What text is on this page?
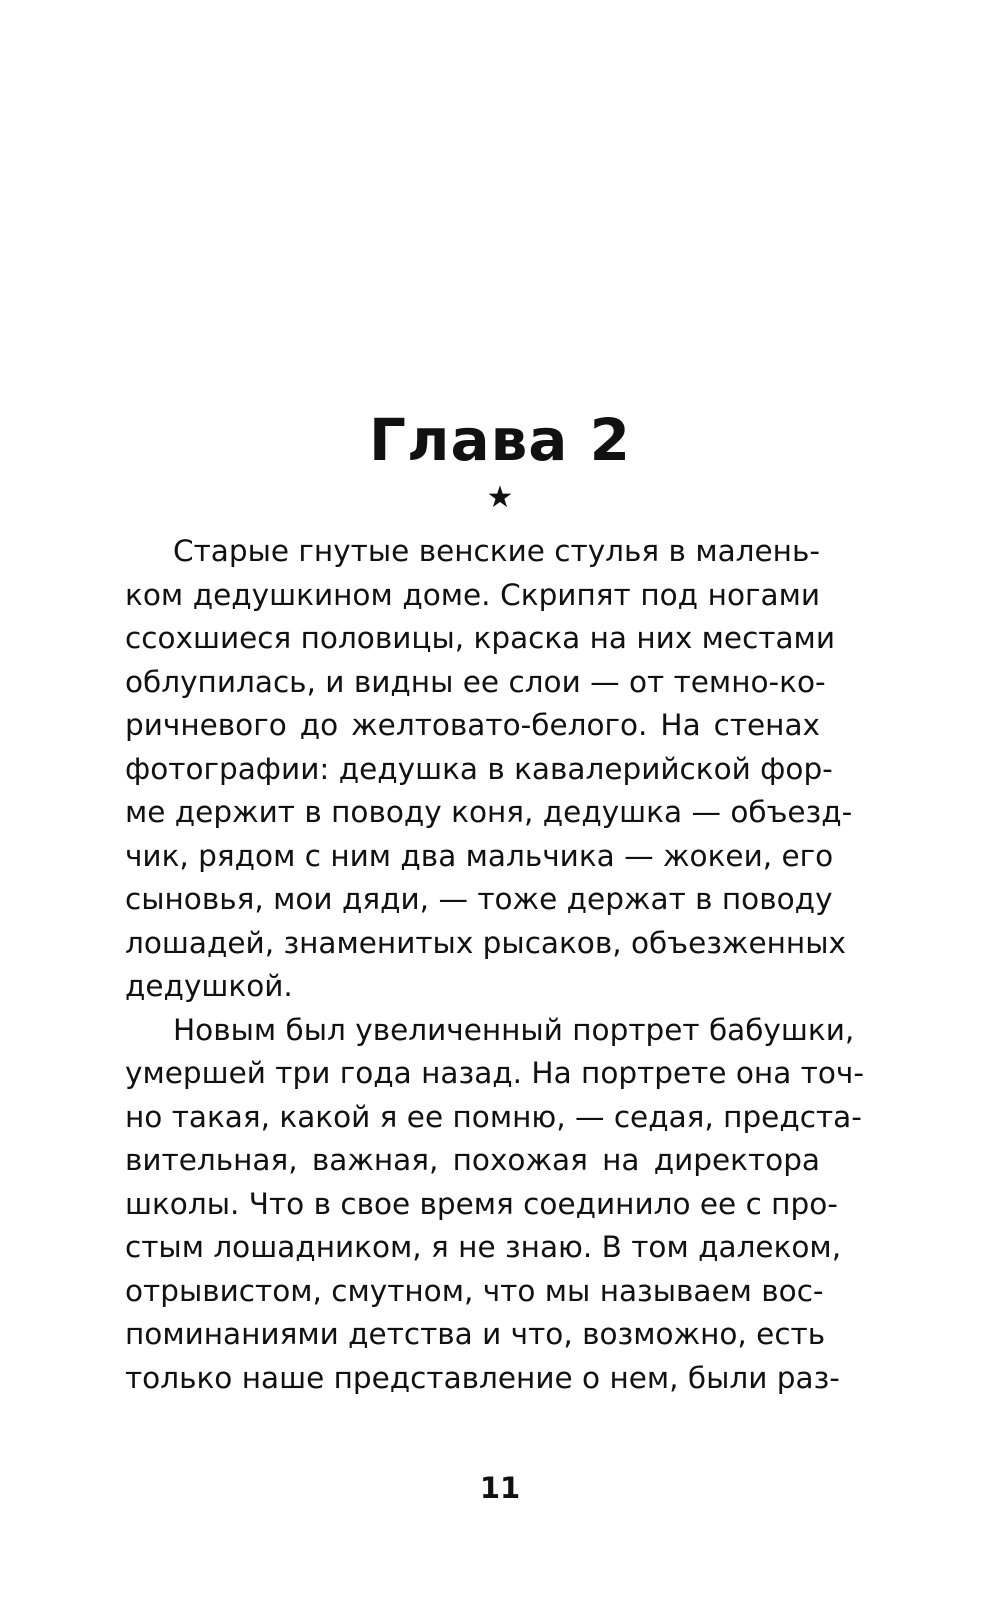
Глава 2
★
Старые гнутые венские стулья в малень-
ком дедушкином доме. Скрипят под ногами
ссохшиеся половицы, краска на них местами
облупилась, и видны ее слои — от темно-ко-
ричневого до желтовато-белого. На стенах
фотографии: дедушка в кавалерийской фор-
ме держит в поводу коня, дедушка — объезд-
чик, рядом с ним два мальчика — жокеи, его
сыновья, мои дяди, — тоже держат в поводу
лошадей, знаменитых рысаков, объезженных
дедушкой.
Новым был увеличенный портрет бабушки,
умершей три года назад. На портрете она точ-
но такая, какой я ее помню, — седая, предста-
вительная, важная, похожая на директора
школы. Что в свое время соединило ее с про-
стым лошадником, я не знаю. В том далеком,
отрывистом, смутном, что мы называем вос-
поминаниями детства и что, возможно, есть
только наше представление о нем, были раз-
11
